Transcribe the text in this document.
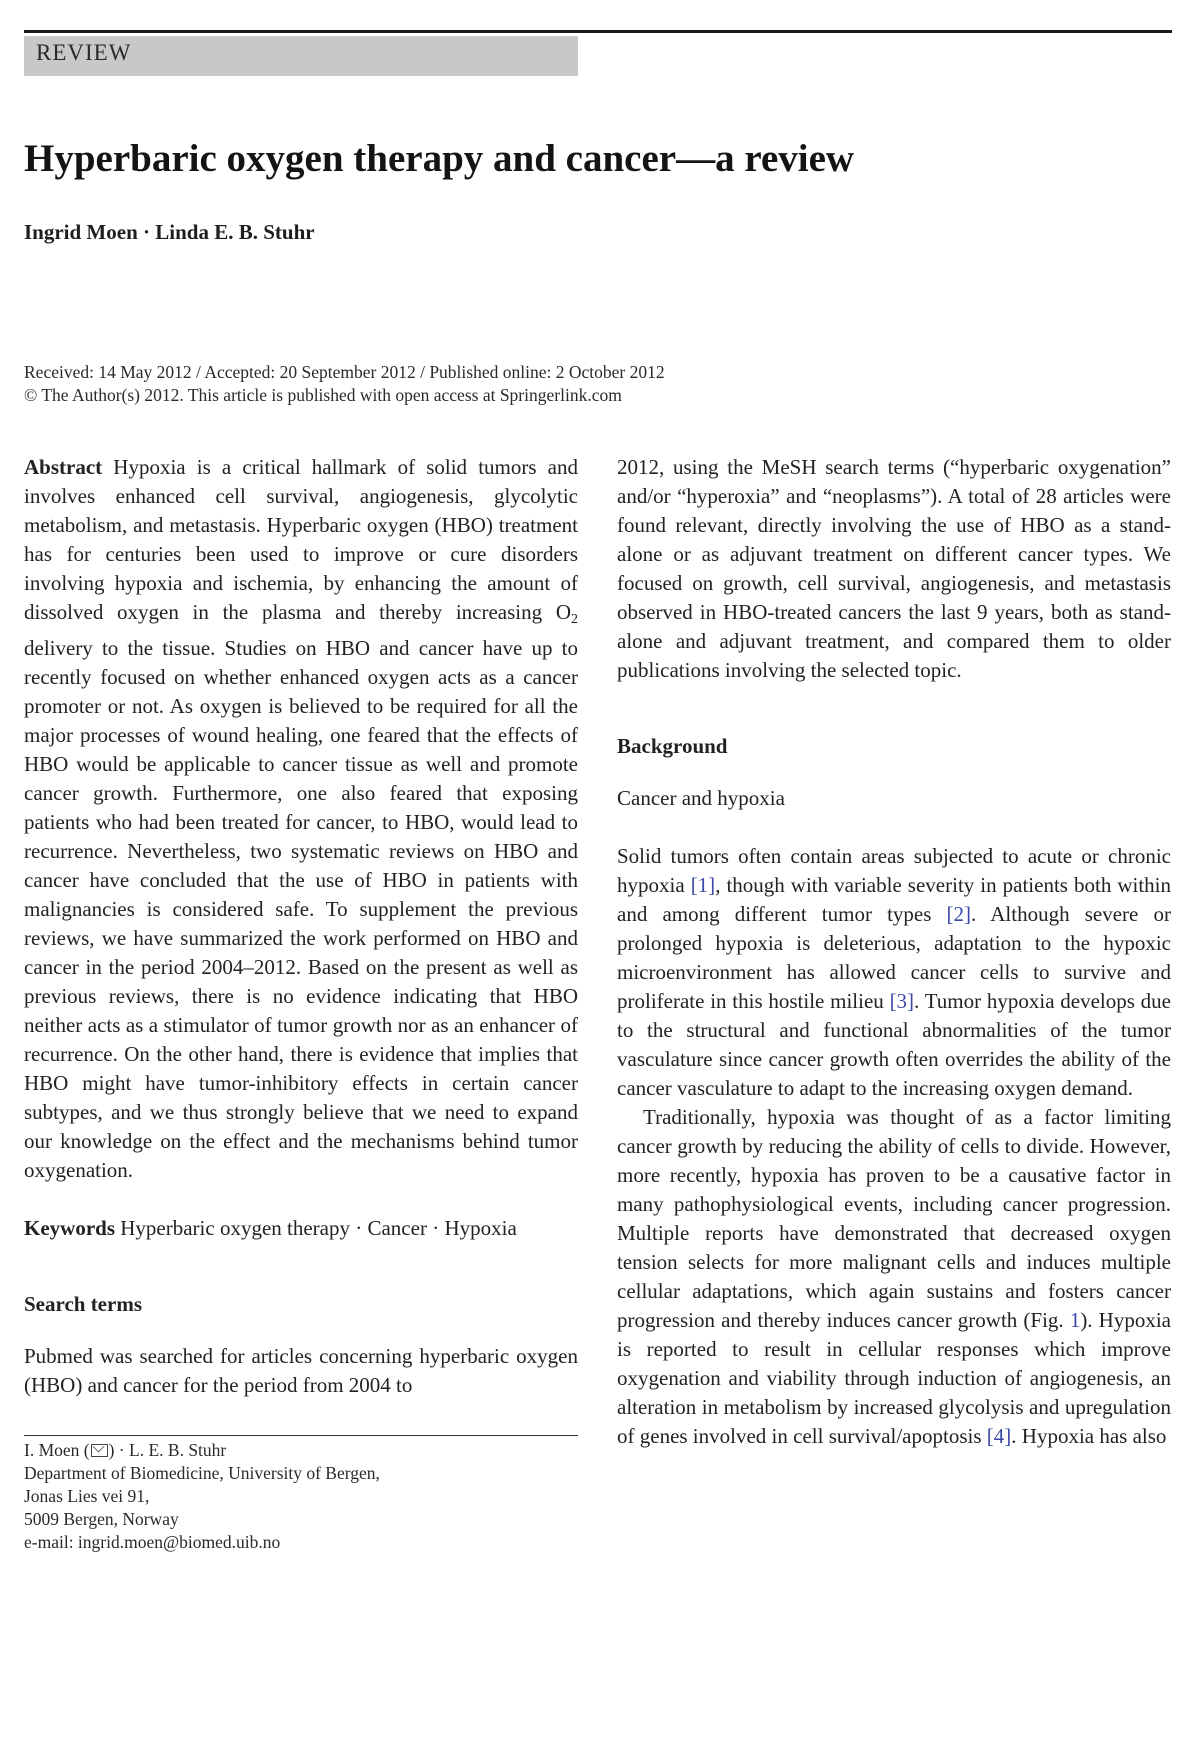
REVIEW
Hyperbaric oxygen therapy and cancer—a review
Ingrid Moen · Linda E. B. Stuhr
Received: 14 May 2012 / Accepted: 20 September 2012 / Published online: 2 October 2012
© The Author(s) 2012. This article is published with open access at Springerlink.com

Abstract Hypoxia is a critical hallmark of solid tumors and involves enhanced cell survival, angiogenesis, glycolytic metabolism, and metastasis. Hyperbaric oxygen (HBO) treatment has for centuries been used to improve or cure disorders involving hypoxia and ischemia, by enhancing the amount of dissolved oxygen in the plasma and thereby increasing $O_2$ delivery to the tissue. Studies on HBO and cancer have up to recently focused on whether enhanced oxygen acts as a cancer promoter or not. As oxygen is believed to be required for all the major processes of wound healing, one feared that the effects of HBO would be applicable to cancer tissue as well and promote cancer growth. Furthermore, one also feared that exposing patients who had been treated for cancer, to HBO, would lead to recurrence. Nevertheless, two systematic reviews on HBO and cancer have concluded that the use of HBO in patients with malignancies is considered safe. To supplement the previous reviews, we have summarized the work performed on HBO and cancer in the period 2004–2012. Based on the present as well as previous reviews, there is no evidence indicating that HBO neither acts as a stimulator of tumor growth nor as an enhancer of recurrence. On the other hand, there is evidence that implies that HBO might have tumor-inhibitory effects in certain cancer subtypes, and we thus strongly believe that we need to expand our knowledge on the effect and the mechanisms behind tumor oxygenation.

Keywords Hyperbaric oxygen therapy · Cancer · Hypoxia

Search terms

Pubmed was searched for articles concerning hyperbaric oxygen (HBO) and cancer for the period from 2004 to

I. Moen ( ) · L. E. B. Stuhr
Department of Biomedicine, University of Bergen,
Jonas Lies vei 91,
5009 Bergen, Norway
e-mail: ingrid.moen@biomed.uib.no

2012, using the MeSH search terms (“hyperbaric oxygenation” and/or “hyperoxia” and “neoplasms”). A total of 28 articles were found relevant, directly involving the use of HBO as a stand-alone or as adjuvant treatment on different cancer types. We focused on growth, cell survival, angiogenesis, and metastasis observed in HBO-treated cancers the last 9 years, both as stand-alone and adjuvant treatment, and compared them to older publications involving the selected topic.

Background

Cancer and hypoxia

Solid tumors often contain areas subjected to acute or chronic hypoxia [1], though with variable severity in patients both within and among different tumor types [2]. Although severe or prolonged hypoxia is deleterious, adaptation to the hypoxic microenvironment has allowed cancer cells to survive and proliferate in this hostile milieu [3]. Tumor hypoxia develops due to the structural and functional abnormalities of the tumor vasculature since cancer growth often overrides the ability of the cancer vasculature to adapt to the increasing oxygen demand.

Traditionally, hypoxia was thought of as a factor limiting cancer growth by reducing the ability of cells to divide. However, more recently, hypoxia has proven to be a causative factor in many pathophysiological events, including cancer progression. Multiple reports have demonstrated that decreased oxygen tension selects for more malignant cells and induces multiple cellular adaptations, which again sustains and fosters cancer progression and thereby induces cancer growth (Fig. 1). Hypoxia is reported to result in cellular responses which improve oxygenation and viability through induction of angiogenesis, an alteration in metabolism by increased glycolysis and upregulation of genes involved in cell survival/apoptosis [4]. Hypoxia has also
